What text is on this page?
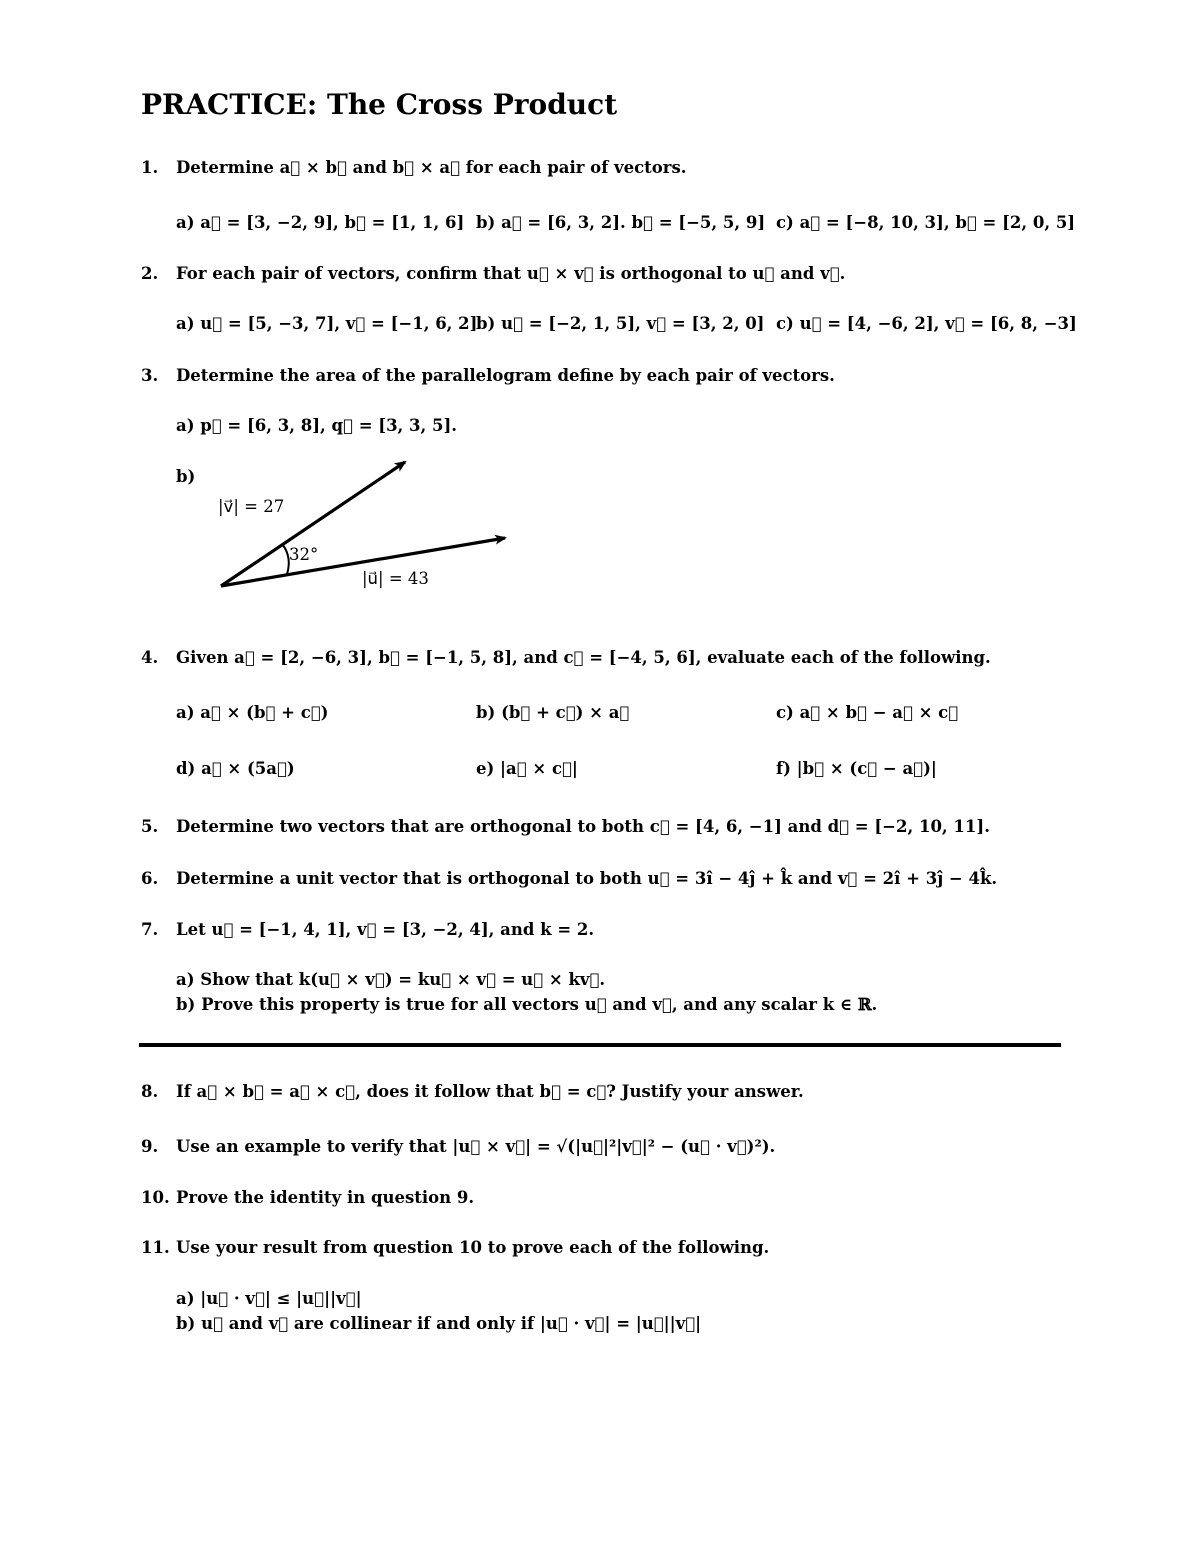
PRACTICE: The Cross Product
1. Determine a⃗ × b⃗ and b⃗ × a⃗ for each pair of vectors.
a) a⃗ = [3, −2, 9], b⃗ = [1, 1, 6] b) a⃗ = [6, 3, 2]. b⃗ = [−5, 5, 9] c) a⃗ = [−8, 10, 3], b⃗ = [2, 0, 5]
2. For each pair of vectors, confirm that u⃗ × v⃗ is orthogonal to u⃗ and v⃗.
a) u⃗ = [5, −3, 7], v⃗ = [−1, 6, 2]
b) u⃗ = [−2, 1, 5], v⃗ = [3, 2, 0] c) u⃗ = [4, −6, 2], v⃗ = [6, 8, −3]
3. Determine the area of the parallelogram define by each pair of vectors.
a) p⃗ = [6, 3, 8], q⃗ = [3, 3, 5].
b)
|v⃗| = 27
32°
|u⃗| = 43
4. Given a⃗ = [2, −6, 3], b⃗ = [−1, 5, 8], and c⃗ = [−4, 5, 6], evaluate each of the following.
a) a⃗ × (b⃗ + c⃗)	b) (b⃗ + c⃗) × a⃗	c) a⃗ × b⃗ − a⃗ × c⃗
d) a⃗ × (5a⃗)	e) |a⃗ × c⃗|	f) |b⃗ × (c⃗ − a⃗)|
5. Determine two vectors that are orthogonal to both c⃗ = [4, 6, −1] and d⃗ = [−2, 10, 11].
6. Determine a unit vector that is orthogonal to both u⃗ = 3î − 4ĵ + k̂ and v⃗ = 2î + 3ĵ − 4k̂.
7. Let u⃗ = [−1, 4, 1], v⃗ = [3, −2, 4], and k = 2.
a) Show that k(u⃗ × v⃗) = ku⃗ × v⃗ = u⃗ × kv⃗.
b) Prove this property is true for all vectors u⃗ and v⃗, and any scalar k ∈ ℝ.
8. If a⃗ × b⃗ = a⃗ × c⃗, does it follow that b⃗ = c⃗? Justify your answer.
9. Use an example to verify that |u⃗ × v⃗| = √(|u⃗|²|v⃗|² − (u⃗ · v⃗)²).
10. Prove the identity in question 9.
11. Use your result from question 10 to prove each of the following.
a) |u⃗ · v⃗| ≤ |u⃗||v⃗|
b) u⃗ and v⃗ are collinear if and only if |u⃗ · v⃗| = |u⃗||v⃗|
